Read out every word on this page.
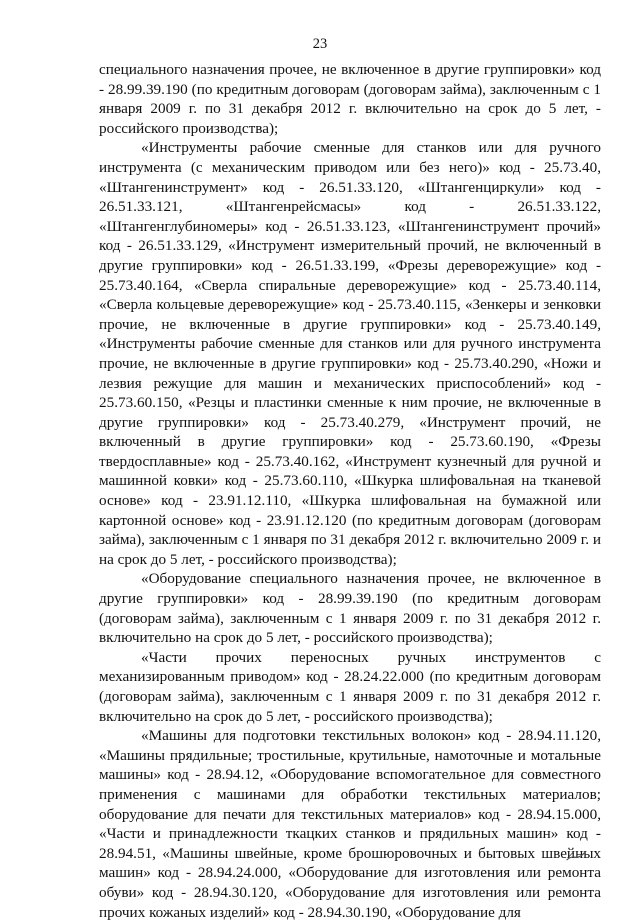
23

специального назначения прочее, не включенное в другие группировки» код - 28.99.39.190 (по кредитным договорам (договорам займа), заключенным с 1 января 2009 г. по 31 декабря 2012 г. включительно на срок до 5 лет, - российского производства);

«Инструменты рабочие сменные для станков или для ручного инструмента (с механическим приводом или без него)» код - 25.73.40, «Штангенинструмент» код - 26.51.33.120, «Штангенциркули» код - 26.51.33.121, «Штангенрейсмасы» код - 26.51.33.122, «Штангенглубиномеры» код - 26.51.33.123, «Штангенинструмент прочий» код - 26.51.33.129, «Инструмент измерительный прочий, не включенный в другие группировки» код - 26.51.33.199, «Фрезы дереворежущие» код - 25.73.40.164, «Сверла спиральные дереворежущие» код - 25.73.40.114, «Сверла кольцевые дереворежущие» код - 25.73.40.115, «Зенкеры и зенковки прочие, не включенные в другие группировки» код - 25.73.40.149, «Инструменты рабочие сменные для станков или для ручного инструмента прочие, не включенные в другие группировки» код - 25.73.40.290, «Ножи и лезвия режущие для машин и механических приспособлений» код - 25.73.60.150, «Резцы и пластинки сменные к ним прочие, не включенные в другие группировки» код - 25.73.40.279, «Инструмент прочий, не включенный в другие группировки» код - 25.73.60.190, «Фрезы твердосплавные» код - 25.73.40.162, «Инструмент кузнечный для ручной и машинной ковки» код - 25.73.60.110, «Шкурка шлифовальная на тканевой основе» код - 23.91.12.110, «Шкурка шлифовальная на бумажной или картонной основе» код - 23.91.12.120 (по кредитным договорам (договорам займа), заключенным с 1 января по 31 декабря 2012 г. включительно 2009 г. и на срок до 5 лет, - российского производства);

«Оборудование специального назначения прочее, не включенное в другие группировки» код - 28.99.39.190 (по кредитным договорам (договорам займа), заключенным с 1 января 2009 г. по 31 декабря 2012 г. включительно на срок до 5 лет, - российского производства);

«Части прочих переносных ручных инструментов с механизированным приводом» код - 28.24.22.000 (по кредитным договорам (договорам займа), заключенным с 1 января 2009 г. по 31 декабря 2012 г. включительно на срок до 5 лет, - российского производства);

«Машины для подготовки текстильных волокон» код - 28.94.11.120, «Машины прядильные; тростильные, крутильные, намоточные и мотальные машины» код - 28.94.12, «Оборудование вспомогательное для совместного применения с машинами для обработки текстильных материалов; оборудование для печати для текстильных материалов» код - 28.94.15.000, «Части и принадлежности ткацких станков и прядильных машин» код - 28.94.51, «Машины швейные, кроме брошюровочных и бытовых швейных машин» код - 28.94.24.000, «Оборудование для изготовления или ремонта обуви» код - 28.94.30.120, «Оборудование для изготовления или ремонта прочих кожаных изделий» код - 28.94.30.190, «Оборудование для
